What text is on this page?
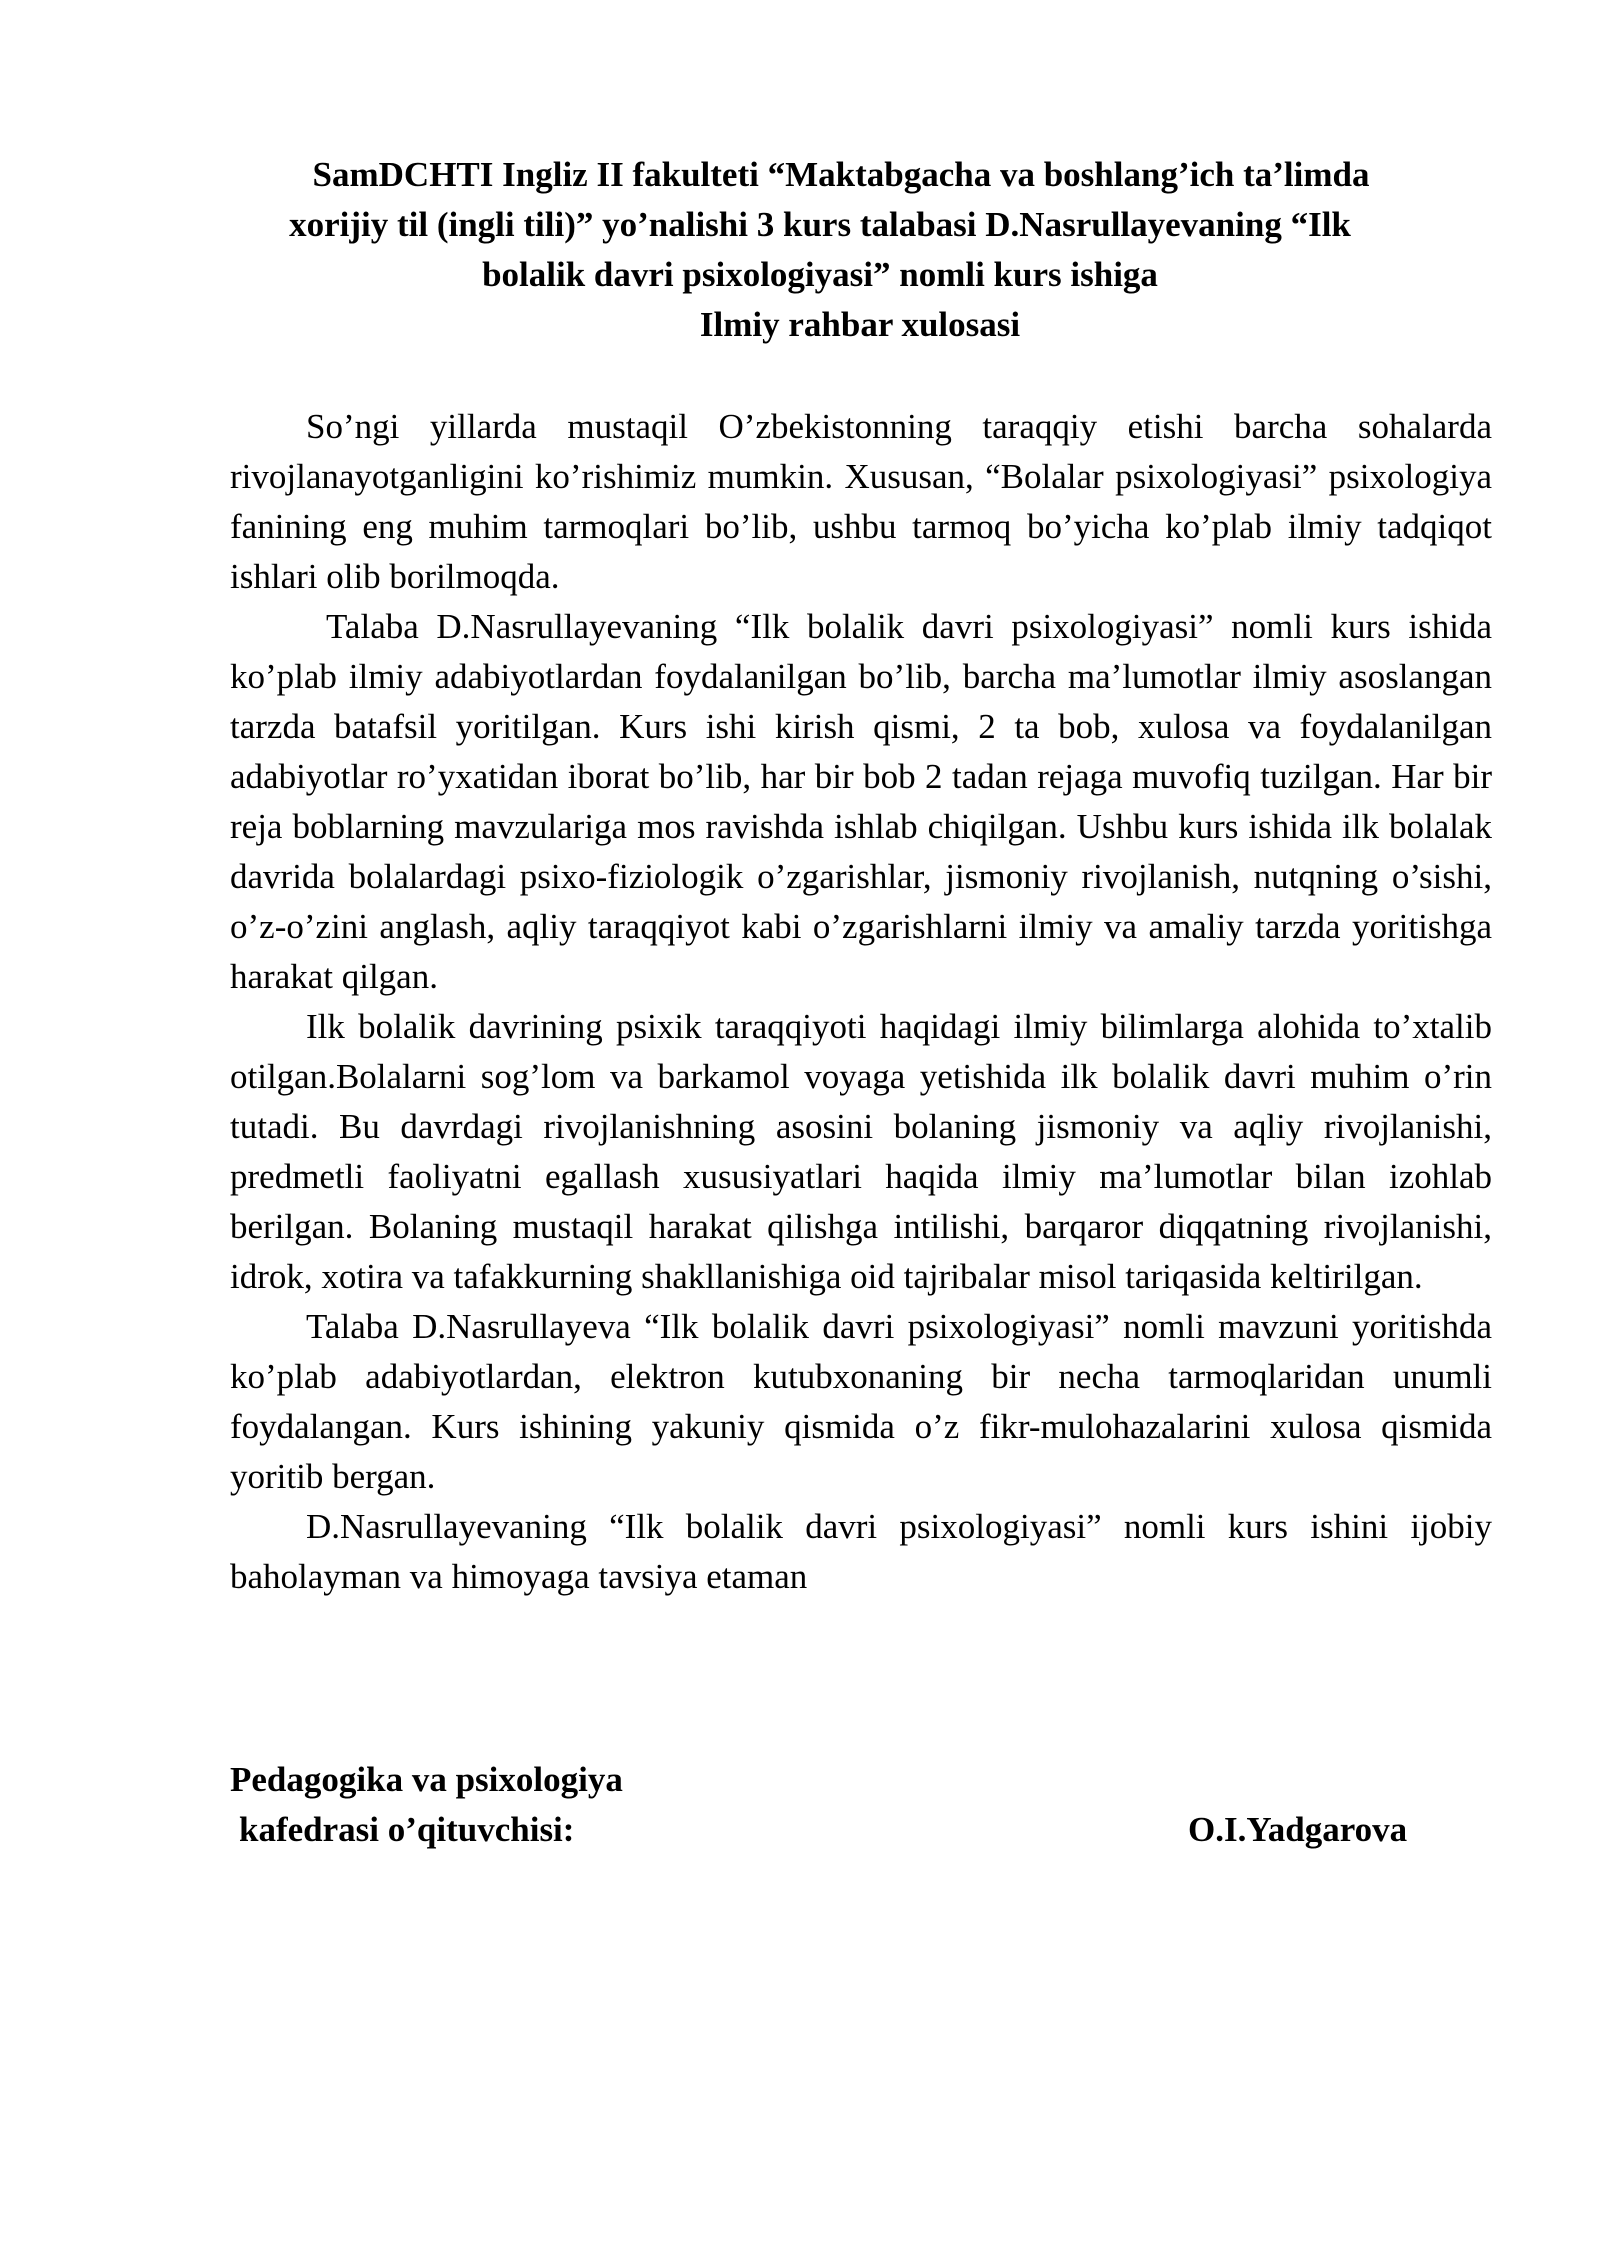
SamDCHTI Ingliz II fakulteti “Maktabgacha va boshlang’ich ta’limda
xorijiy til (ingli tili)” yo’nalishi 3 kurs talabasi D.Nasrullayevaning “Ilk
bolalik davri psixologiyasi” nomli kurs ishiga
Ilmiy rahbar xulosasi

So’ngi yillarda mustaqil O’zbekistonning taraqqiy etishi barcha sohalarda rivojlanayotganligini ko’rishimiz mumkin. Xususan, “Bolalar psixologiyasi” psixologiya fanining eng muhim tarmoqlari bo’lib, ushbu tarmoq bo’yicha ko’plab ilmiy tadqiqot ishlari olib borilmoqda.

Talaba D.Nasrullayevaning “Ilk bolalik davri psixologiyasi” nomli kurs ishida ko’plab ilmiy adabiyotlardan foydalanilgan bo’lib, barcha ma’lumotlar ilmiy asoslangan tarzda batafsil yoritilgan. Kurs ishi kirish qismi, 2 ta bob, xulosa va foydalanilgan adabiyotlar ro’yxatidan iborat bo’lib, har bir bob 2 tadan rejaga muvofiq tuzilgan. Har bir reja boblarning mavzulariga mos ravishda ishlab chiqilgan. Ushbu kurs ishida ilk bolalak davrida bolalardagi psixo-fiziologik o’zgarishlar, jismoniy rivojlanish, nutqning o’sishi, o’z-o’zini anglash, aqliy taraqqiyot kabi o’zgarishlarni ilmiy va amaliy tarzda yoritishga harakat qilgan.

Ilk bolalik davrining psixik taraqqiyoti haqidagi ilmiy bilimlarga alohida to’xtalib otilgan.Bolalarni sog’lom va barkamol voyaga yetishida ilk bolalik davri muhim o’rin tutadi. Bu davrdagi rivojlanishning asosini bolaning jismoniy va aqliy rivojlanishi, predmetli faoliyatni egallash xususiyatlari haqida ilmiy ma’lumotlar bilan izohlab berilgan. Bolaning mustaqil harakat qilishga intilishi, barqaror diqqatning rivojlanishi, idrok, xotira va tafakkurning shakllanishiga oid tajribalar misol tariqasida keltirilgan.

Talaba D.Nasrullayeva “Ilk bolalik davri psixologiyasi” nomli mavzuni yoritishda ko’plab adabiyotlardan, elektron kutubxonaning bir necha tarmoqlaridan unumli foydalangan. Kurs ishining yakuniy qismida o’z fikr-mulohazalarini xulosa qismida yoritib bergan.

D.Nasrullayevaning “Ilk bolalik davri psixologiyasi” nomli kurs ishini ijobiy baholayman va himoyaga tavsiya etaman

Pedagogika va psixologiya
kafedrasi o’qituvchisi:	O.I.Yadgarova
